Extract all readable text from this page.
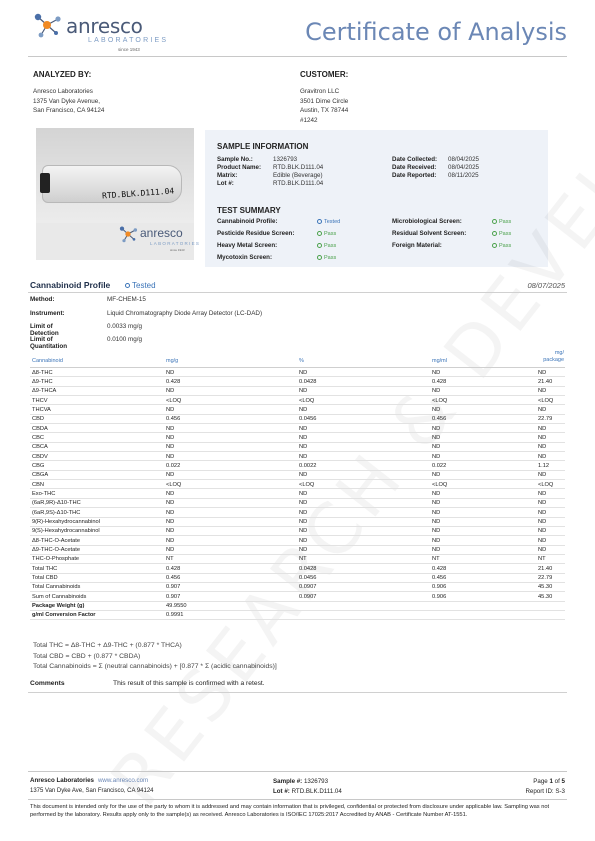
anresco
LABORATORIES
since 1943
Certificate of Analysis
ANALYZED BY:
Anresco Laboratories
1375 Van Dyke Avenue,
San Francisco, CA 94124
CUSTOMER:
Gravitron LLC
3501 Dime Circle
Austin, TX 78744
#1242
RTD.BLK.D111.04
anresco
LABORATORIES
since 1943
SAMPLE INFORMATION
Sample No.:	1326793
Product Name: RTD.BLK.D111.04
Matrix:	Edible (Beverage)
Lot #:	RTD.BLK.D111.04
Date Collected: 08/04/2025
Date Received: 08/04/2025
Date Reported: 08/11/2025
TEST SUMMARY
Cannabinoid Profile:	Tested
Pesticide Residue Screen:	Pass
Heavy Metal Screen:	Pass
Mycotoxin Screen:	Pass
Microbiological Screen:	Pass
Residual Solvent Screen:	Pass
Foreign Material:	Pass
Cannabinoid Profile	Tested	08/07/2025
Method:	MF-CHEM-15
Instrument:	Liquid Chromatography Diode Array Detector (LC-DAD)
Limit of Detection
0.0033 mg/g
Limit of Quantitation
0.0100 mg/g
Cannabinoid	mg/g	%	mg/ml
mg/
package
Δ8-THC	ND	ND	ND	ND
Δ9-THC	0.428	0.0428	0.428	21.40
Δ9-THCA	ND	ND	ND	ND
THCV	<LOQ	<LOQ	<LOQ	<LOQ
THCVA	ND	ND	ND	ND
CBD	0.456	0.0456	0.456	22.79
CBDA	ND	ND	ND	ND
CBC	ND	ND	ND	ND
CBCA	ND	ND	ND	ND
CBDV	ND	ND	ND	ND
CBG	0.022	0.0022	0.022	1.12
CBGA	ND	ND	ND	ND
CBN	<LOQ	<LOQ	<LOQ	<LOQ
Exo-THC	ND	ND	ND	ND
(6aR,9R)-Δ10-THC	ND	ND	ND	ND
(6aR,9S)-Δ10-THC	ND	ND	ND	ND
9(R)-Hexahydrocannabinol	ND	ND	ND	ND
9(S)-Hexahydrocannabinol	ND	ND	ND	ND
Δ8-THC-O-Acetate	ND	ND	ND	ND
Δ9-THC-O-Acetate	ND	ND	ND	ND
THC-O-Phosphate	NT	NT	NT	NT
Total THC	0.428	0.0428	0.428	21.40
Total CBD	0.456	0.0456	0.456	22.79
Total Cannabinoids	0.907	0.0907	0.906	45.30
Sum of Cannabinoids	0.907	0.0907	0.906	45.30
Package Weight (g)	49.9550
g/ml Conversion Factor	0.9991
Total THC = Δ8-THC + Δ9-THC + (0.877 * THCA)
Total CBD = CBD + (0.877 * CBDA)
Total Cannabinoids = Σ (neutral cannabinoids) + [0.877 * Σ (acidic cannabinoids)]
Comments	This result of this sample is confirmed with a retest.
Anresco Laboratories www.anresco.com
1375 Van Dyke Ave, San Francisco, CA 94124
Sample #: 1326793
Lot #: RTD.BLK.D111.04
Page 1 of 5
Report ID: S-3
This document is intended only for the use of the party to whom it is addressed and may contain information that is privileged, confidential or protected from disclosure under applicable law. Sampling was not performed by the laboratory. Results apply only to the sample(s) as received. Anresco Laboratories is ISO/IEC 17025:2017 Accredited by ANAB - Certificate Number AT-1551.
